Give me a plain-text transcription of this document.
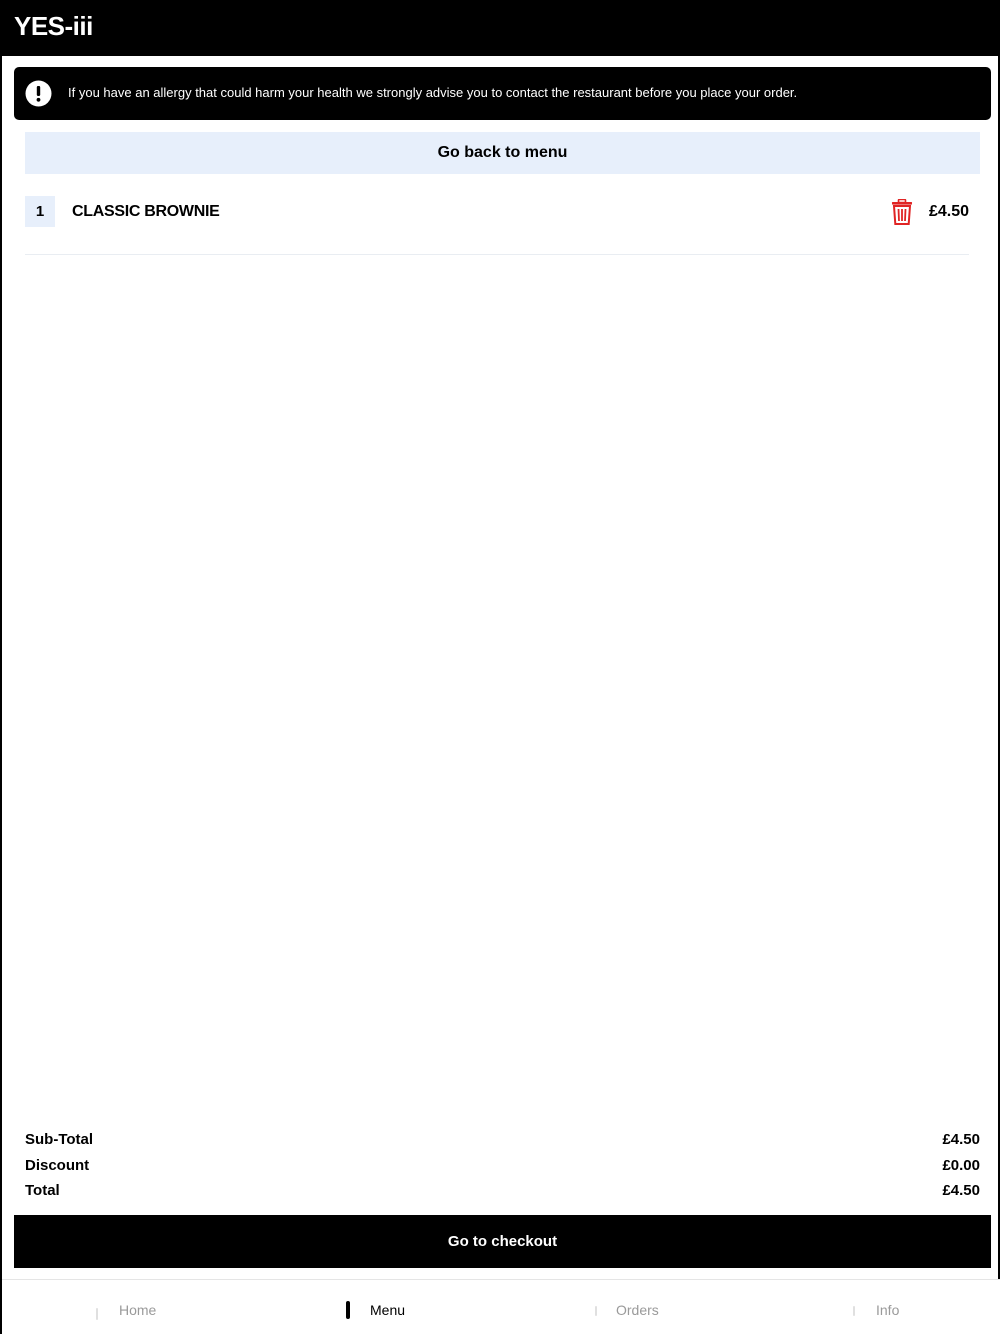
YES-iii
If you have an allergy that could harm your health we strongly advise you to contact the restaurant before you place your order.
Go back to menu
1	CLASSIC BROWNIE	£4.50
Sub-Total	£4.50
Discount	£0.00
Total	£4.50
Go to checkout
Home	Menu	Orders	Info
